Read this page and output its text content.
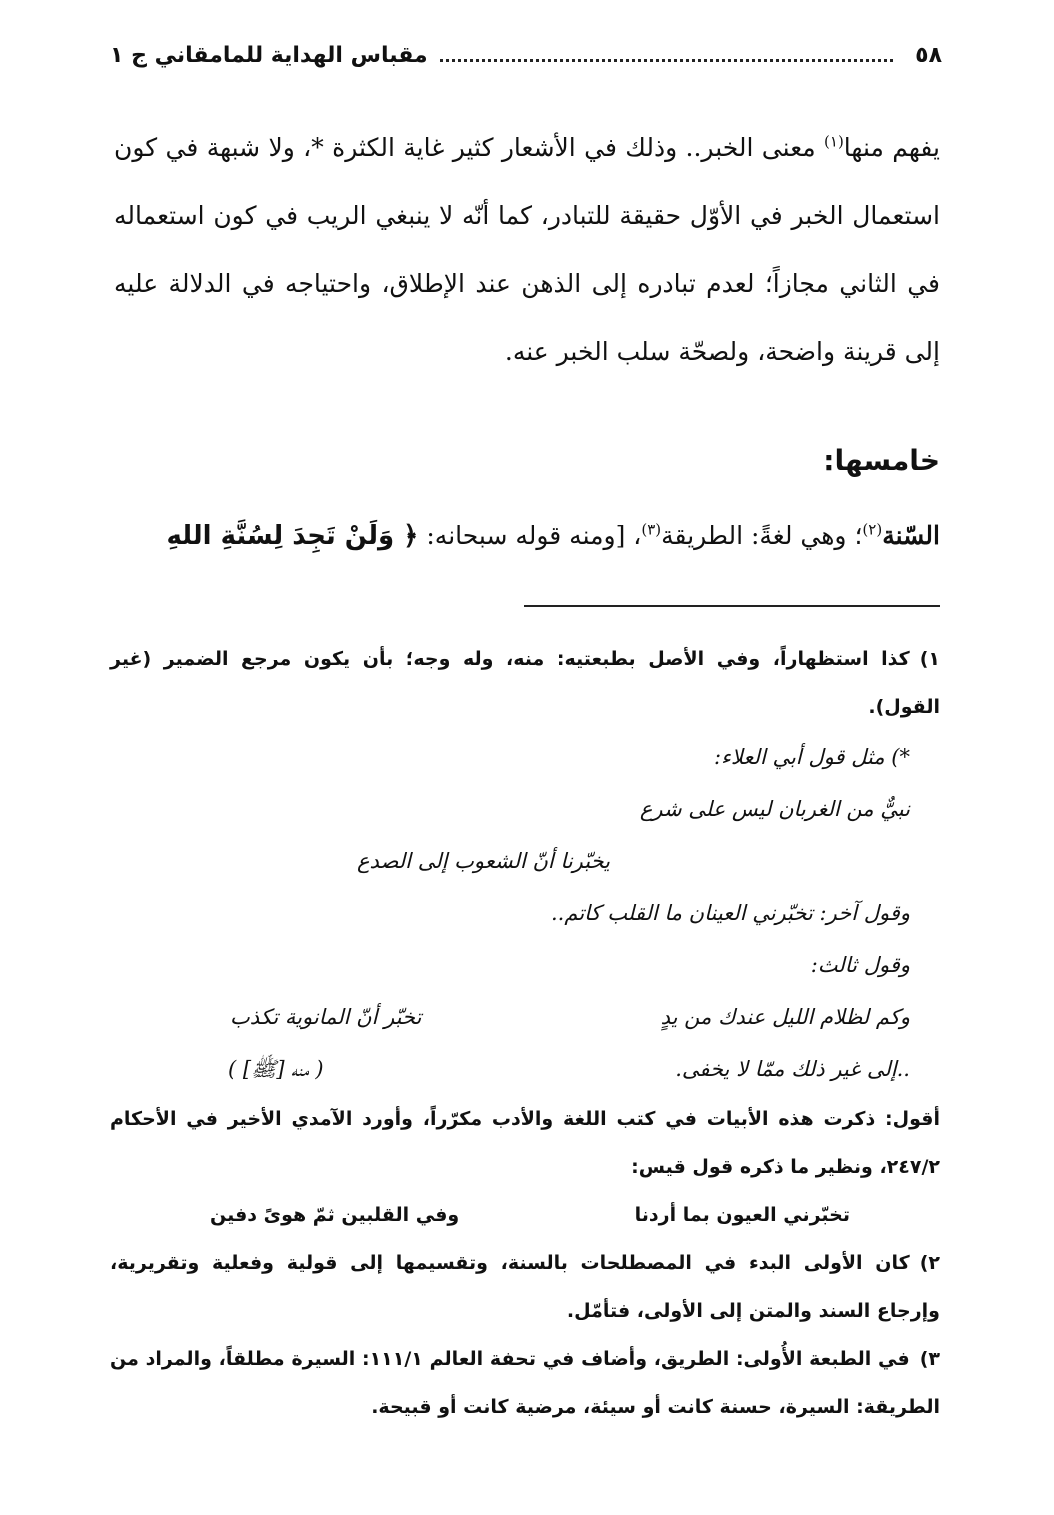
٥٨
مقباس الهداية للمامقاني ج ١

يفهم منها$^{(١)}$ معنى الخبر.. وذلك في الأشعار كثير غاية الكثرة *، ولا شبهة في كون استعمال الخبر في الأوّل حقيقة للتبادر، كما أنّه لا ينبغي الريب في كون استعماله في الثاني مجازاً؛ لعدم تبادره إلى الذهن عند الإطلاق، واحتياجه في الدلالة عليه إلى قرينة واضحة، ولصحّة سلب الخبر عنه.

خامسها:
السّنة$^{(٢)}$؛ وهي لغةً: الطريقة$^{(٣)}$، [ومنه قوله سبحانه: ﴿ وَلَنْ تَجِدَ لِسُنَّةِ اللهِ

١)كذا استظهاراً، وفي الأصل بطبعتيه: منه، وله وجه؛ بأن يكون مرجع الضمير (غير القول).

*) مثل قول أبي العلاء:
نبيٌّ من الغربان ليس على شرع
يخبّرنا أنّ الشعوب إلى الصدع
وقول آخر: تخبّرني العينان ما القلب كاتم..
وقول ثالث:
وكم لظلام الليل عندك من يدٍ
تخبّر أنّ المانوية تكذب
..إلى غير ذلك ممّا لا يخفى.
( منه [ﷺ] )

أقول: ذكرت هذه الأبيات في كتب اللغة والأدب مكرّراً، وأورد الآمدي الأخير في الأحكام ٢٤٧/٢، ونظير ما ذكره قول قيس:

تخبّرني العيون بما أردنا
وفي القلبين ثمّ هوىً دفين

٢)كان الأولى البدء في المصطلحات بالسنة، وتقسيمها إلى قولية وفعلية وتقريرية، وإرجاع السند والمتن إلى الأولى، فتأمّل.

٣)في الطبعة الأُولى: الطريق، وأضاف في تحفة العالم ١١١/١: السيرة مطلقاً، والمراد من الطريقة: السيرة، حسنة كانت أو سيئة، مرضية كانت أو قبيحة.
